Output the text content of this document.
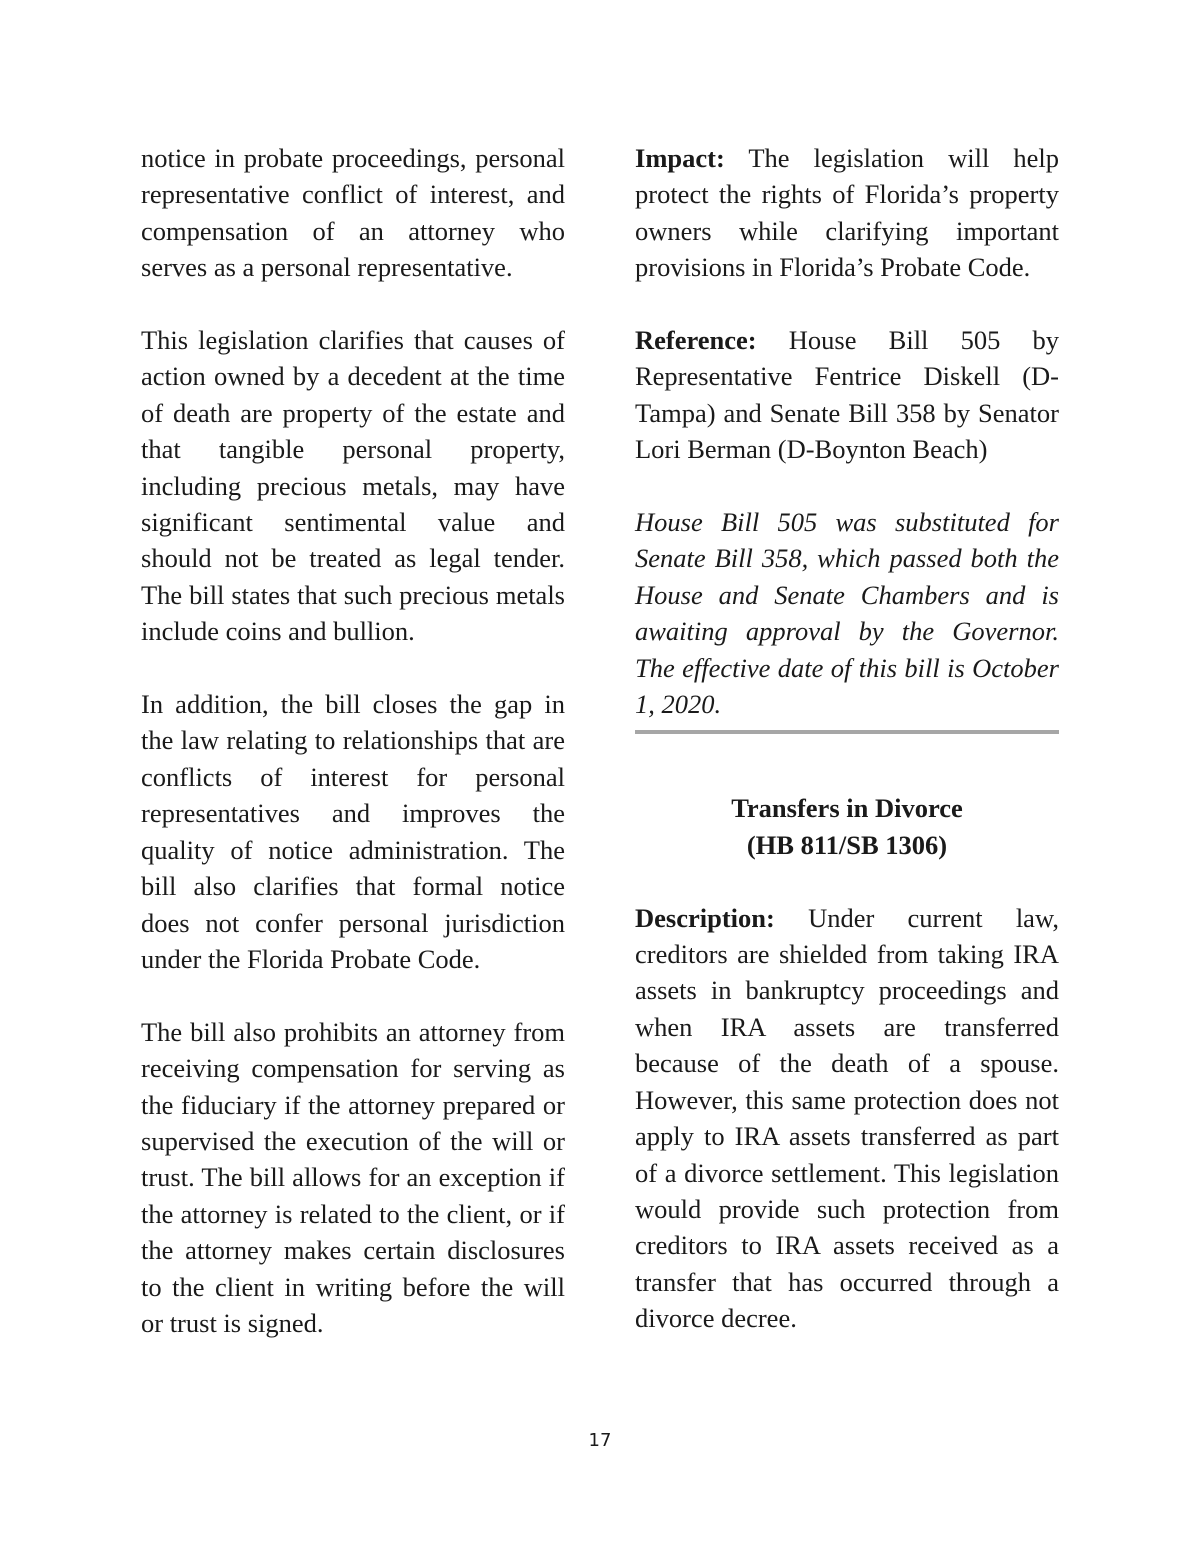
notice in probate proceedings, personal representative conflict of interest, and compensation of an attorney who serves as a personal representative.

This legislation clarifies that causes of action owned by a decedent at the time of death are property of the estate and that tangible personal property, including precious metals, may have significant sentimental value and should not be treated as legal tender. The bill states that such precious metals include coins and bullion.

In addition, the bill closes the gap in the law relating to relationships that are conflicts of interest for personal representatives and improves the quality of notice administration. The bill also clarifies that formal notice does not confer personal jurisdiction under the Florida Probate Code.

The bill also prohibits an attorney from receiving compensation for serving as the fiduciary if the attorney prepared or supervised the execution of the will or trust. The bill allows for an exception if the attorney is related to the client, or if the attorney makes certain disclosures to the client in writing before the will or trust is signed.

Impact: The legislation will help protect the rights of Florida’s property owners while clarifying important provisions in Florida’s Probate Code.

Reference: House Bill 505 by Representative Fentrice Diskell (D-Tampa) and Senate Bill 358 by Senator Lori Berman (D-Boynton Beach)

House Bill 505 was substituted for Senate Bill 358, which passed both the House and Senate Chambers and is awaiting approval by the Governor. The effective date of this bill is October 1, 2020.

Transfers in Divorce
(HB 811/SB 1306)

Description: Under current law, creditors are shielded from taking IRA assets in bankruptcy proceedings and when IRA assets are transferred because of the death of a spouse. However, this same protection does not apply to IRA assets transferred as part of a divorce settlement. This legislation would provide such protection from creditors to IRA assets received as a transfer that has occurred through a divorce decree.

17
